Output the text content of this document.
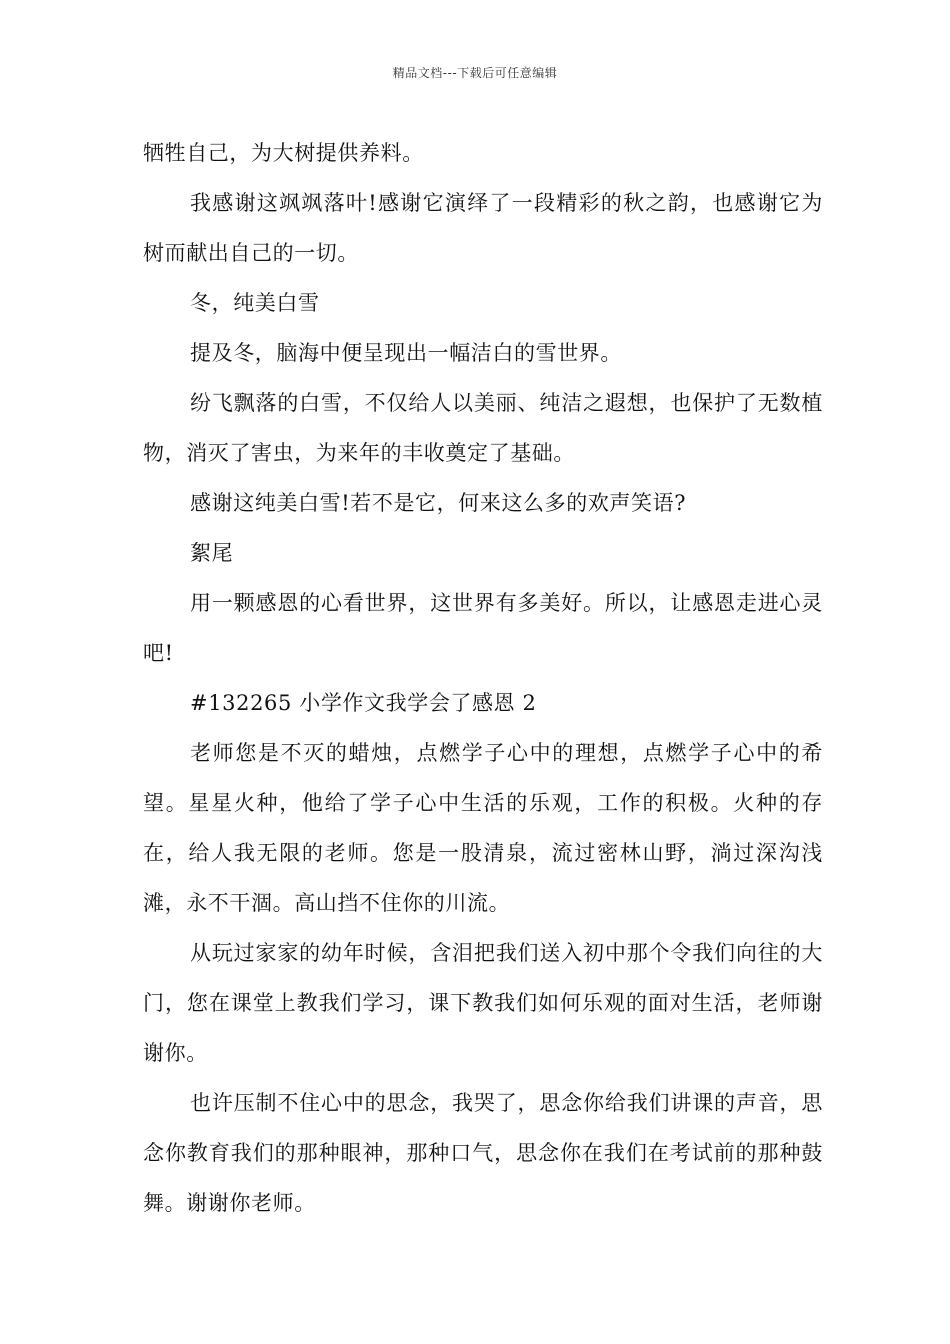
精品文档---下载后可任意编辑

牺牲自己，为大树提供养料。

我感谢这飒飒落叶!感谢它演绎了一段精彩的秋之韵，也感谢它为树而献出自己的一切。

冬，纯美白雪

提及冬，脑海中便呈现出一幅洁白的雪世界。

纷飞飘落的白雪，不仅给人以美丽、纯洁之遐想，也保护了无数植物，消灭了害虫，为来年的丰收奠定了基础。

感谢这纯美白雪!若不是它，何来这么多的欢声笑语?

絮尾

用一颗感恩的心看世界，这世界有多美好。所以，让感恩走进心灵吧!

#132265 小学作文我学会了感恩 2

老师您是不灭的蜡烛，点燃学子心中的理想，点燃学子心中的希望。星星火种，他给了学子心中生活的乐观，工作的积极。火种的存在，给人我无限的老师。您是一股清泉，流过密林山野，淌过深沟浅滩，永不干涸。高山挡不住你的川流。

从玩过家家的幼年时候，含泪把我们送入初中那个令我们向往的大门，您在课堂上教我们学习，课下教我们如何乐观的面对生活，老师谢谢你。

也许压制不住心中的思念，我哭了，思念你给我们讲课的声音，思念你教育我们的那种眼神，那种口气，思念你在我们在考试前的那种鼓舞。谢谢你老师。
